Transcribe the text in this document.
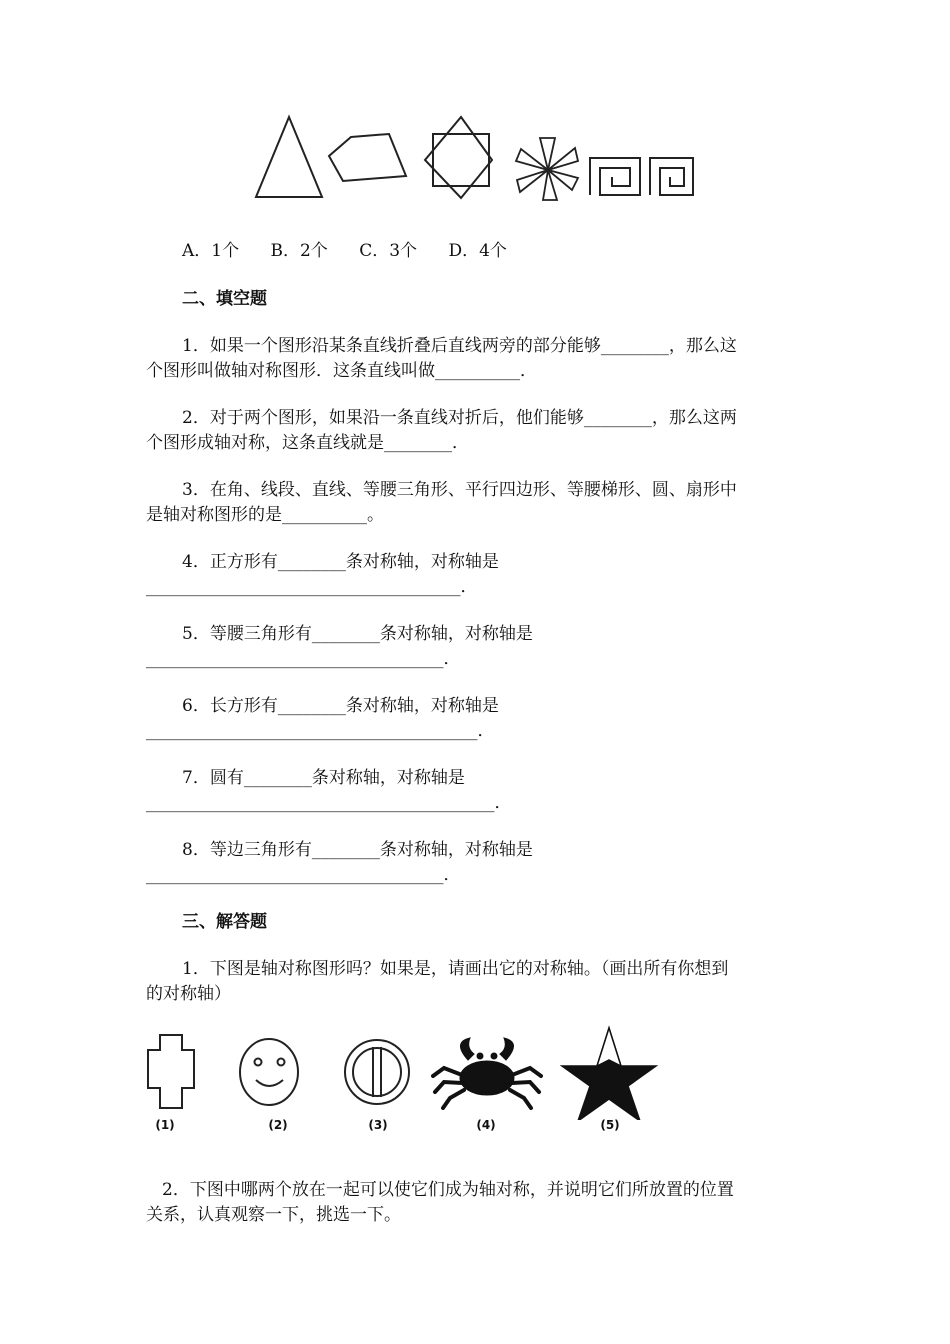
A．1个 B．2个 C．3个 D．4个
二、填空题
1．如果一个图形沿某条直线折叠后直线两旁的部分能够________，那么这
个图形叫做轴对称图形．这条直线叫做__________．
2．对于两个图形，如果沿一条直线对折后，他们能够________，那么这两
个图形成轴对称，这条直线就是________．
3．在角、线段、直线、等腰三角形、平行四边形、等腰梯形、圆、扇形中
是轴对称图形的是__________。
4．正方形有________条对称轴，对称轴是
_____________________________________．
5．等腰三角形有________条对称轴，对称轴是
___________________________________．
6．长方形有________条对称轴，对称轴是
_______________________________________．
7．圆有________条对称轴，对称轴是
_________________________________________．
8．等边三角形有________条对称轴，对称轴是
___________________________________．
三、解答题
1．下图是轴对称图形吗？如果是，请画出它的对称轴。（画出所有你想到
的对称轴）
(1)	(2)	(3)	(4)	(5)
2．下图中哪两个放在一起可以使它们成为轴对称，并说明它们所放置的位置
关系，认真观察一下，挑选一下。
